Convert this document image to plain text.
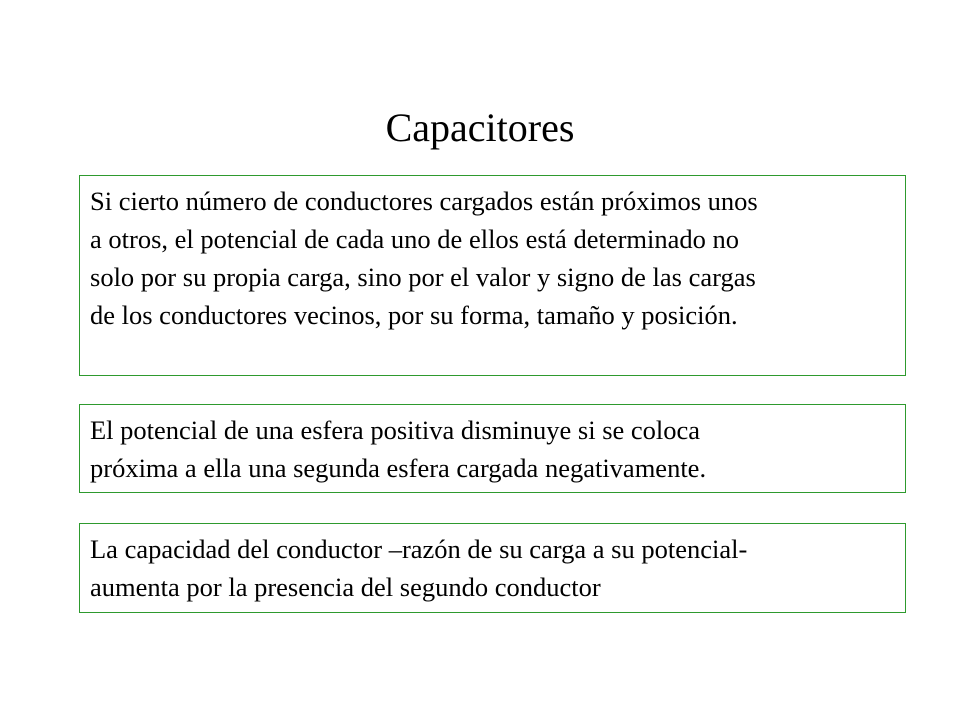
Capacitores
Si cierto número de conductores cargados están próximos unos
a otros, el potencial de cada uno de ellos está determinado no
solo por su propia carga, sino por el valor y signo de las cargas
de los conductores vecinos, por su forma, tamaño y posición.
El potencial de una esfera positiva disminuye si se coloca
próxima a ella una segunda esfera cargada negativamente.
La capacidad del conductor –razón de su carga a su potencial-
aumenta por la presencia del segundo conductor
